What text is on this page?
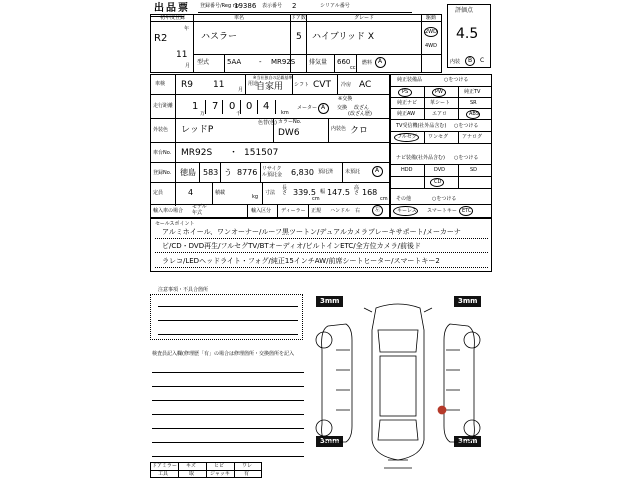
出品票 登録番号/Reg no
19386 表示番号 2	シリアル番号
初年度登録
R2
年
11
月
車名
ハスラー
ドア数
5
グレード
ハイブリッド X
駆動
2WD
4WD
型式	5AA	- MR92S 排気量 660
cc
燃料 A
評価点
4.5
内装 B C
車検 R9 11	月
用途
※当社独自の記載基準
自家用 シフト CVT 冷房 AC
走行距離 1
万
7 0
千
0 4
km
※交換
メーター A 交換 改ざん
(改ざん歴)
外装色 レッドP
色替(色) カラーNo.
DW6	内装色 クロ
車台No. MR92S ・ 151507
登録No. 徳島 583 う 8776 リサイクル預託金	6,830 預託済 未預託 A
定員	4	積載
kg
寸法
長さ 339.5 幅 147.5 高さ 168
cm	cm
輸入車の場合
モデル年式	輸入区分 ディーラー 正規 ハンドル 右	左
純正装備品	○をつける
PS	PW	純正TV
純正ナビ	革シート	SR
純正AW	エアロ	ABS
TV受信機(社外品含む) ○をつける
フルセグ ワンセグ	アナログ
ナビ装備(社外品含む) ○をつける
HDD	DVD	SD
CD
その他	○をつける
キーレス スマートキー ETC
セールスポイント
アルミホイール、ワンオーナー/ルーフ黒ツートン/デュアルカメラブレーキサポート/メーカーナ
ビ/CD・DVD再生/フルセグTV/BTオーディオ/ビルトインETC/全方位カメラ/前後ド
ラレコ/LEDヘッドライト・フォグ/純正15インチAW/前席シートヒーター/スマートキー2
注意事項・不具合箇所
検査員記入欄(修理歴「有」の場合は修理箇所・交換箇所を記入
ドアミラー キズ	ヒビ	ワレ
工具	取	ジャッキ	有
3mm	3mm
3mm	3mm
